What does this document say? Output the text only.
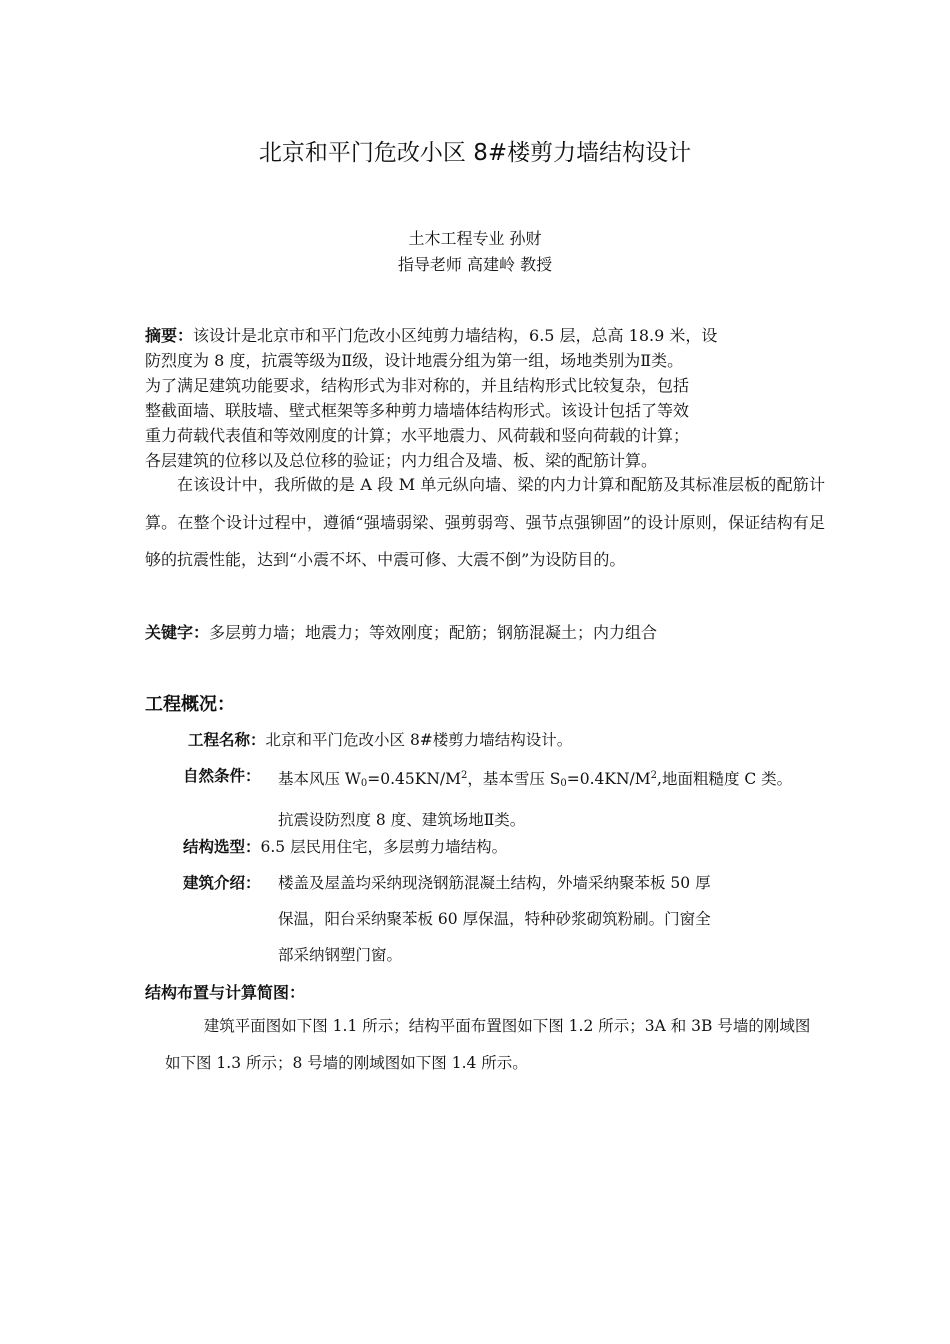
北京和平门危改小区 8#楼剪力墙结构设计
土木工程专业 孙财
指导老师 高建岭 教授
摘要：该设计是北京市和平门危改小区纯剪力墙结构，6.5 层，总高 18.9 米，设
防烈度为 8 度，抗震等级为Ⅱ级，设计地震分组为第一组，场地类别为Ⅱ类。
为了满足建筑功能要求，结构形式为非对称的，并且结构形式比较复杂，包括
整截面墙、联肢墙、壁式框架等多种剪力墙墙体结构形式。该设计包括了等效
重力荷载代表值和等效刚度的计算；水平地震力、风荷载和竖向荷载的计算；
各层建筑的位移以及总位移的验证；内力组合及墙、板、梁的配筋计算。
在该设计中，我所做的是 A 段 M 单元纵向墙、梁的内力计算和配筋及其标准层板的配筋计算。在整个设计过程中，遵循“强墙弱梁、强剪弱弯、强节点强铆固”的设计原则，保证结构有足够的抗震性能，达到“小震不坏、中震可修、大震不倒”为设防目的。
关键字：多层剪力墙；地震力；等效刚度；配筋；钢筋混凝土；内力组合
工程概况：
工程名称：北京和平门危改小区 8#楼剪力墙结构设计。
自然条件： 基本风压 $W_0=0.45KN/M^2$，基本雪压 $S_0=0.4KN/M^2$,地面粗糙度 C 类。
抗震设防烈度 8 度、建筑场地Ⅱ类。
结构选型：6.5 层民用住宅，多层剪力墙结构。
建筑介绍： 楼盖及屋盖均采纳现浇钢筋混凝土结构，外墙采纳聚苯板 50 厚
保温，阳台采纳聚苯板 60 厚保温，特种砂浆砌筑粉刷。门窗全
部采纳钢塑门窗。
结构布置与计算简图：
建筑平面图如下图 1.1 所示；结构平面布置图如下图 1.2 所示；3A 和 3B 号墙的刚域图如下图 1.3 所示；8 号墙的刚域图如下图 1.4 所示。
